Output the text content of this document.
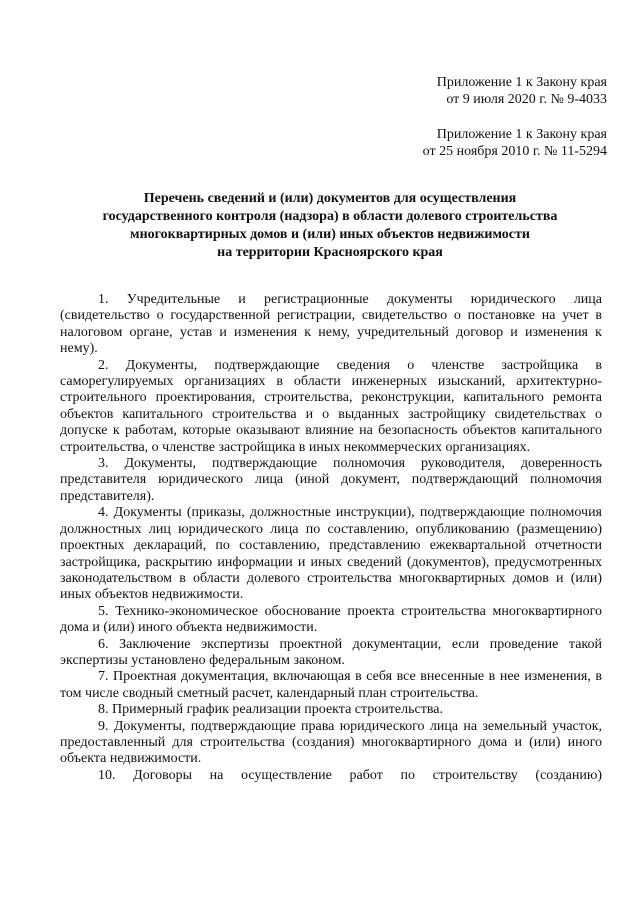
Приложение 1 к Закону края
от 9 июля 2020 г. № 9-4033
Приложение 1 к Закону края
от 25 ноября 2010 г. № 11-5294
Перечень сведений и (или) документов для осуществления
государственного контроля (надзора) в области долевого строительства
многоквартирных домов и (или) иных объектов недвижимости
на территории Красноярского края

1. Учредительные и регистрационные документы юридического лица (свидетельство о государственной регистрации, свидетельство о постановке на учет в налоговом органе, устав и изменения к нему, учредительный договор и изменения к нему).

2. Документы, подтверждающие сведения о членстве застройщика в саморегулируемых организациях в области инженерных изысканий, архитектурно-строительного проектирования, строительства, реконструкции, капитального ремонта объектов капитального строительства и о выданных застройщику свидетельствах о допуске к работам, которые оказывают влияние на безопасность объектов капитального строительства, о членстве застройщика в иных некоммерческих организациях.

3. Документы, подтверждающие полномочия руководителя, доверенность представителя юридического лица (иной документ, подтверждающий полномочия представителя).

4. Документы (приказы, должностные инструкции), подтверждающие полномочия должностных лиц юридического лица по составлению, опубликованию (размещению) проектных деклараций, по составлению, представлению ежеквартальной отчетности застройщика, раскрытию информации и иных сведений (документов), предусмотренных законодательством в области долевого строительства многоквартирных домов и (или) иных объектов недвижимости.

5. Технико-экономическое обоснование проекта строительства многоквартирного дома и (или) иного объекта недвижимости.

6. Заключение экспертизы проектной документации, если проведение такой экспертизы установлено федеральным законом.

7. Проектная документация, включающая в себя все внесенные в нее изменения, в том числе сводный сметный расчет, календарный план строительства.

8. Примерный график реализации проекта строительства.

9. Документы, подтверждающие права юридического лица на земельный участок, предоставленный для строительства (создания) многоквартирного дома и (или) иного объекта недвижимости.

10. Договоры на осуществление работ по строительству (созданию)
